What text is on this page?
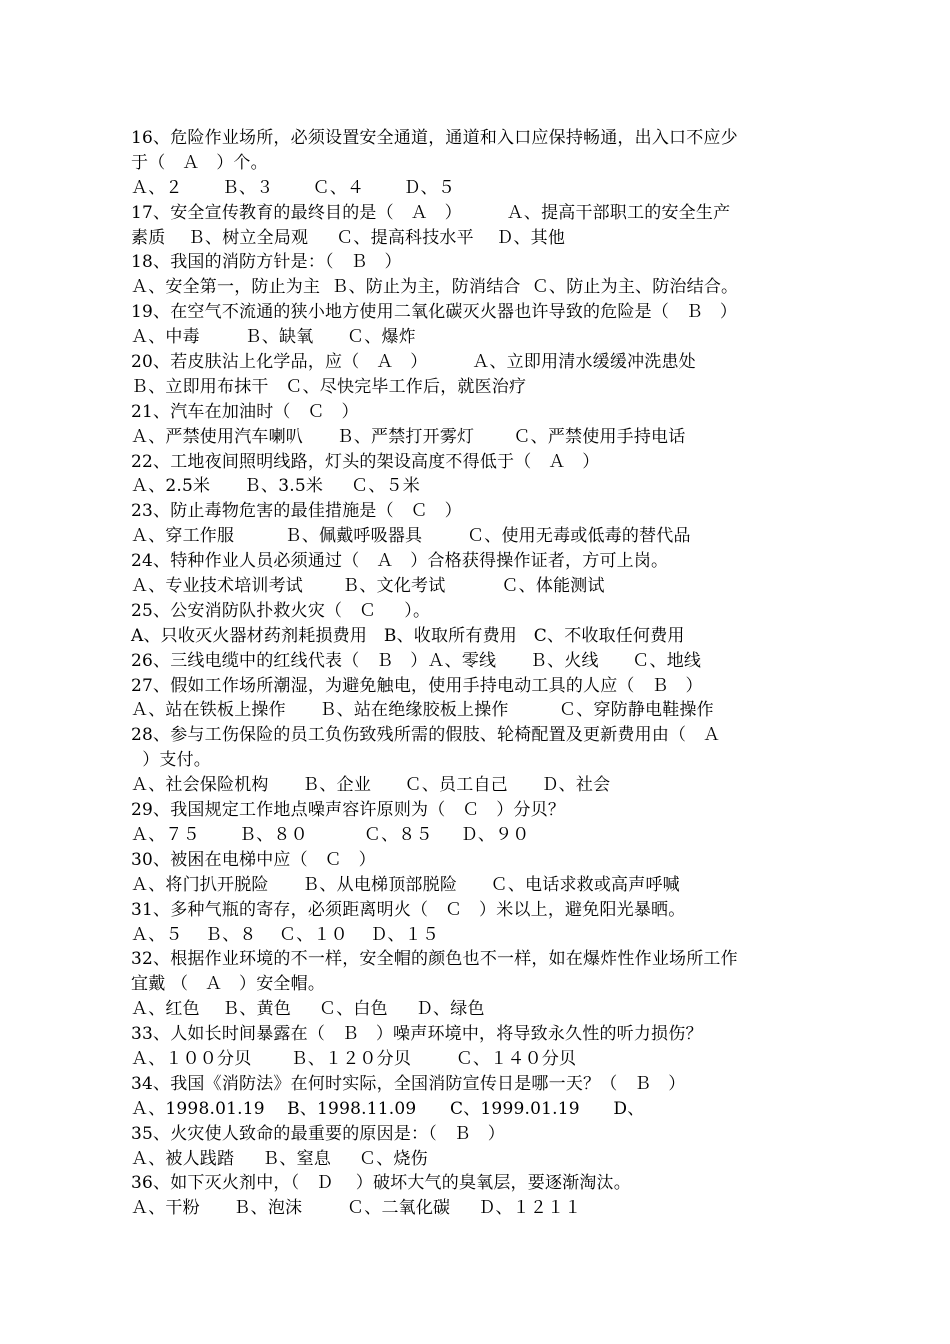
16、危险作业场所，必须设置安全通道，通道和入口应保持畅通，出入口不应少
于（   Ａ   ）个。
Ａ、２       Ｂ、３       Ｃ、４       Ｄ、５
17、安全宣传教育的最终目的是（   Ａ   ）        Ａ、提高干部职工的安全生产
素质    Ｂ、树立全局观     Ｃ、提高科技水平    Ｄ、其他
18、我国的消防方针是：（   Ｂ   ）
Ａ、安全第一，防止为主  Ｂ、防止为主，防消结合  Ｃ、防止为主、防治结合。
19、在空气不流通的狭小地方使用二氧化碳灭火器也许导致的危险是（   Ｂ   ）
Ａ、中毒        Ｂ、缺氧      Ｃ、爆炸
20、若皮肤沾上化学品，应（   Ａ   ）        Ａ、立即用清水缓缓冲洗患处
Ｂ、立即用布抹干   Ｃ、尽快完毕工作后，就医治疗
21、汽车在加油时（   Ｃ   ）
Ａ、严禁使用汽车喇叭      Ｂ、严禁打开雾灯       Ｃ、严禁使用手持电话
22、工地夜间照明线路，灯头的架设高度不得低于（   Ａ   ）
Ａ、2.5米      Ｂ、3.5米     Ｃ、５米
23、防止毒物危害的最佳措施是（   Ｃ   ）
Ａ、穿工作服         Ｂ、佩戴呼吸器具        Ｃ、使用无毒或低毒的替代品
24、特种作业人员必须通过（   Ａ   ）合格获得操作证者，方可上岗。
Ａ、专业技术培训考试       Ｂ、文化考试          Ｃ、体能测试
25、公安消防队扑救火灾（   Ｃ     ）。
A、只收灭火器材药剂耗损费用   B、收取所有费用   C、不收取任何费用
26、三线电缆中的红线代表（   Ｂ   ）Ａ、零线      Ｂ、火线      Ｃ、地线
27、假如工作场所潮湿，为避免触电，使用手持电动工具的人应（   Ｂ   ）
Ａ、站在铁板上操作      Ｂ、站在绝缘胶板上操作         Ｃ、穿防静电鞋操作
28、参与工伤保险的员工负伤致残所需的假肢、轮椅配置及更新费用由（   Ａ
）支付。
Ａ、社会保险机构      Ｂ、企业      Ｃ、员工自己      Ｄ、社会
29、我国规定工作地点噪声容许原则为（   Ｃ   ）分贝？
Ａ、７５       Ｂ、８０          Ｃ、８５     Ｄ、９０
30、被困在电梯中应（   Ｃ   ）
Ａ、将门扒开脱险      Ｂ、从电梯顶部脱险      Ｃ、电话求救或高声呼喊
31、多种气瓶的寄存，必须距离明火（   Ｃ   ）米以上，避免阳光暴晒。
Ａ、５    Ｂ、８    Ｃ、１０    Ｄ、１５
32、根据作业环境的不一样，安全帽的颜色也不一样，如在爆炸性作业场所工作
宜戴 （   Ａ   ）安全帽。
Ａ、红色    Ｂ、黄色     Ｃ、白色     Ｄ、绿色
33、人如长时间暴露在（   Ｂ   ）噪声环境中，将导致永久性的听力损伤？
Ａ、１００分贝       Ｂ、１２０分贝        Ｃ、１４０分贝
34、我国《消防法》在何时实际，全国消防宣传日是哪一天？（   Ｂ   ）
Ａ、1998.01.19    B、1998.11.09      C、1999.01.19      D、
35、火灾使人致命的最重要的原因是：（   Ｂ   ）
Ａ、被人践踏     Ｂ、窒息     Ｃ、烧伤
36、如下灭火剂中，（   Ｄ    ）破坏大气的臭氧层，要逐渐淘汰。
Ａ、干粉      Ｂ、泡沫        Ｃ、二氧化碳     Ｄ、１２１１
